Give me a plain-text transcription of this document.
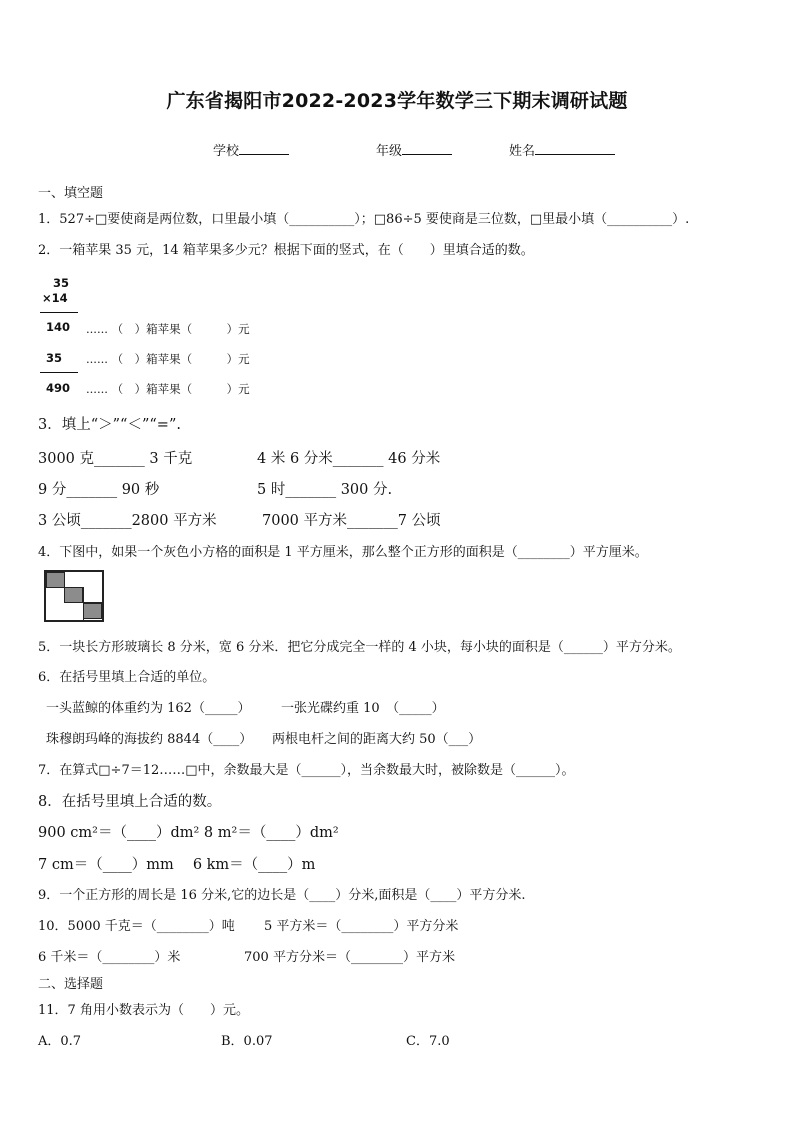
广东省揭阳市2022-2023学年数学三下期末调研试题
学校	年级	姓名
一、填空题
1．527÷□要使商是两位数，口里最小填（__________）；□86÷5 要使商是三位数，□里最小填（__________）.
2．一箱苹果 35 元，14 箱苹果多少元？根据下面的竖式，在（　　）里填合适的数。
35
×14
140 ...... （　）箱苹果（　　　）元
35 ...... （　）箱苹果（　　　）元
490 ...... （　）箱苹果（　　　）元
3．填上“＞”“＜”“=”.
3000 克_______ 3 千克	4 米 6 分米_______ 46 分米
9 分_______ 90 秒	5 时_______ 300 分.
3 公顷_______2800 平方米	7000 平方米_______7 公顷
4．下图中，如果一个灰色小方格的面积是 1 平方厘米，那么整个正方形的面积是（________）平方厘米。
5．一块长方形玻璃长 8 分米，宽 6 分米．把它分成完全一样的 4 小块，每小块的面积是（______）平方分米。
6．在括号里填上合适的单位。
一头蓝鲸的体重约为 162（_____） 一张光碟约重 10　（_____）
珠穆朗玛峰的海拔约 8844（____） 两根电杆之间的距离大约 50（___）
7．在算式□÷7＝12……□中，余数最大是（______），当余数最大时，被除数是（______）。
8．在括号里填上合适的数。
900 cm²＝（____）dm² 8 m²＝（____）dm²
7 cm＝（____）mm　 6 km＝（____）m
9．一个正方形的周长是 16 分米,它的边长是（____）分米,面积是（____）平方分米.
10．5000 千克＝（________）吨 5 平方米＝（________）平方分米
6 千米＝（________）米	700 平方分米＝（________）平方米
二、选择题
11．7 角用小数表示为（　　）元。
A．0.7	B．0.07	C．7.0
